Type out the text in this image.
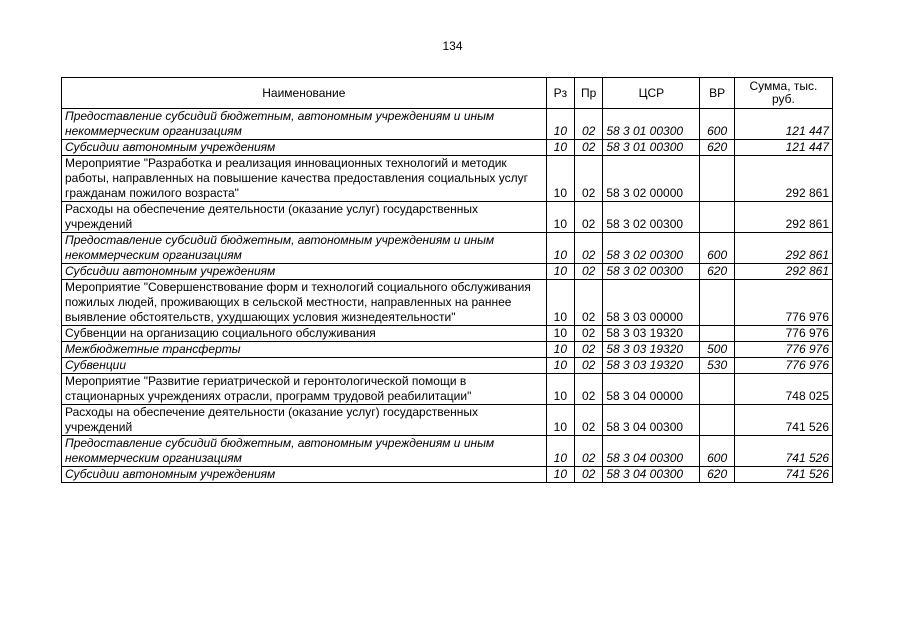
134
Наименование	Рз	Пр	ЦСР	ВР	Сумма, тыс. руб.
Предоставление субсидий бюджетным, автономным учреждениям и иным некоммерческим организациям	10	02	58 3 01 00300	600	121 447
Субсидии автономным учреждениям	10	02	58 3 01 00300	620	121 447
Мероприятие "Разработка и реализация инновационных технологий и методик работы, направленных на повышение качества предоставления социальных услуг гражданам пожилого возраста"	10	02	58 3 02 00000		292 861
Расходы на обеспечение деятельности (оказание услуг) государственных учреждений	10	02	58 3 02 00300		292 861
Предоставление субсидий бюджетным, автономным учреждениям и иным некоммерческим организациям	10	02	58 3 02 00300	600	292 861
Субсидии автономным учреждениям	10	02	58 3 02 00300	620	292 861
Мероприятие "Совершенствование форм и технологий социального обслуживания пожилых людей, проживающих в сельской местности, направленных на раннее выявление обстоятельств, ухудшающих условия жизнедеятельности"	10	02	58 3 03 00000		776 976
Субвенции на организацию социального обслуживания	10	02	58 3 03 19320		776 976
Межбюджетные трансферты	10	02	58 3 03 19320	500	776 976
Субвенции	10	02	58 3 03 19320	530	776 976
Мероприятие "Развитие гериатрической и геронтологической помощи в стационарных учреждениях отрасли, программ трудовой реабилитации"	10	02	58 3 04 00000		748 025
Расходы на обеспечение деятельности (оказание услуг) государственных учреждений	10	02	58 3 04 00300		741 526
Предоставление субсидий бюджетным, автономным учреждениям и иным некоммерческим организациям	10	02	58 3 04 00300	600	741 526
Субсидии автономным учреждениям	10	02	58 3 04 00300	620	741 526
